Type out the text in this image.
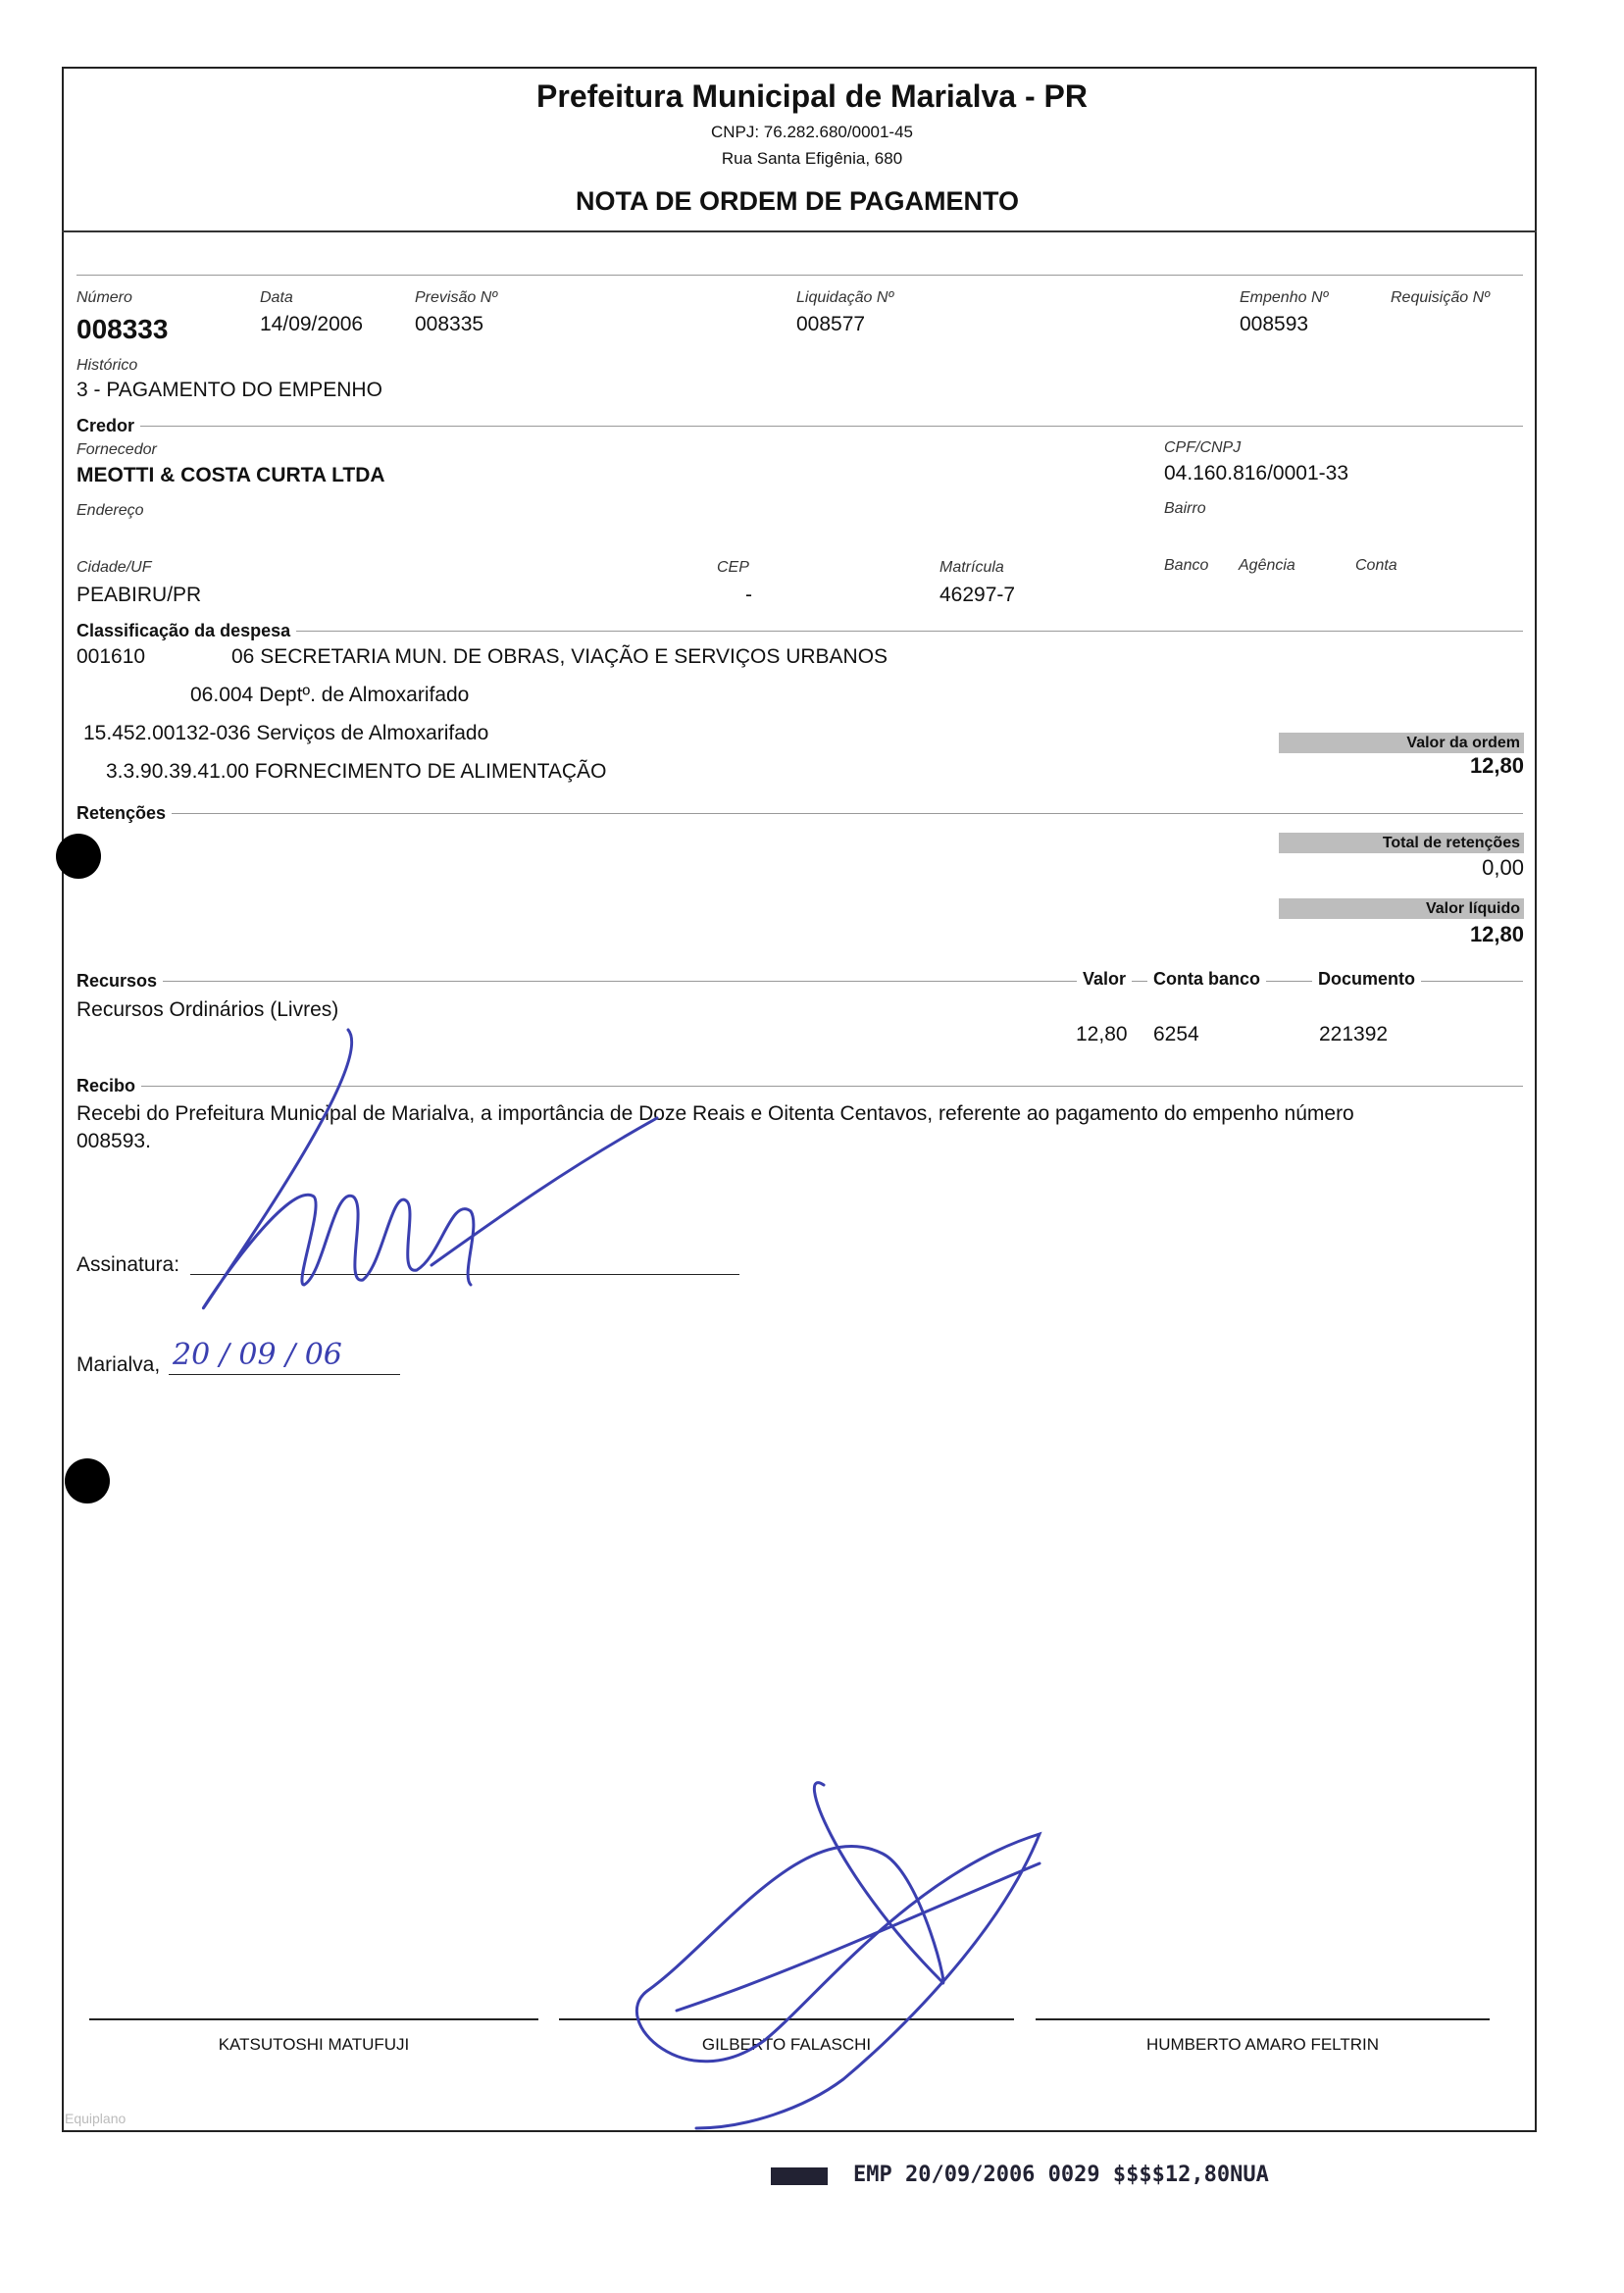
Prefeitura Municipal de Marialva - PR
CNPJ: 76.282.680/0001-45
Rua Santa Efigênia, 680
NOTA DE ORDEM DE PAGAMENTO
Número
008333
Data
14/09/2006
Previsão Nº
008335
Liquidação Nº
008577
Empenho Nº
008593
Requisição Nº
Histórico
3 - PAGAMENTO DO EMPENHO
Credor
Fornecedor
MEOTTI & COSTA CURTA LTDA
CPF/CNPJ
04.160.816/0001-33
Endereço	Bairro
Cidade/UF
PEABIRU/PR
CEP
-
Matrícula
46297-7
Banco Agência	Conta
Classificação da despesa
001610	06 SECRETARIA MUN. DE OBRAS, VIAÇÃO E SERVIÇOS URBANOS
06.004 Deptº. de Almoxarifado
15.452.00132-036 Serviços de Almoxarifado
3.3.90.39.41.00 FORNECIMENTO DE ALIMENTAÇÃO
Valor da ordem
12,80
Retenções
Total de retenções
0,00
Valor líquido
12,80
Recursos	Valor	Conta banco	Documento
Recursos Ordinários (Livres)
12,80 6254	221392
Recibo
Recebi do Prefeitura Municipal de Marialva, a importância de Doze Reais e Oitenta Centavos, referente ao pagamento do empenho número
008593.
Assinatura:
Marialva, 20 / 09 / 06
KATSUTOSHI MATUFUJI	GILBERTO FALASCHI	HUMBERTO AMARO FELTRIN
Equiplano
EMP 20/09/2006 0029 $$$$12,80NUA
